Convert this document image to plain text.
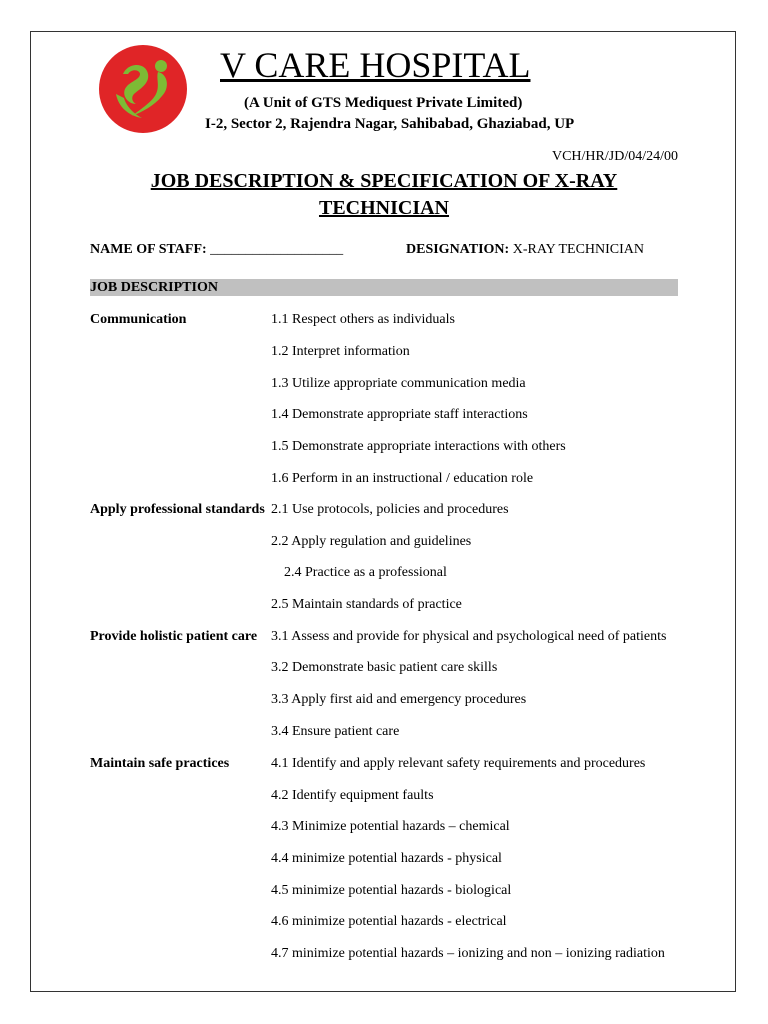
V CARE HOSPITAL
(A Unit of GTS Mediquest Private Limited)
I-2, Sector 2, Rajendra Nagar, Sahibabad, Ghaziabad, UP
VCH/HR/JD/04/24/00
JOB DESCRIPTION & SPECIFICATION OF X-RAY
TECHNICIAN
NAME OF STAFF: ___________________	DESIGNATION: X-RAY TECHNICIAN
JOB DESCRIPTION
Communication
Apply professional standards
Provide holistic patient care
Maintain safe practices
1.1 Respect others as individuals
1.2 Interpret information
1.3 Utilize appropriate communication media
1.4 Demonstrate appropriate staff interactions
1.5 Demonstrate appropriate interactions with others
1.6 Perform in an instructional / education role
2.1 Use protocols, policies and procedures
2.2 Apply regulation and guidelines
2.4 Practice as a professional
2.5 Maintain standards of practice
3.1 Assess and provide for physical and psychological need of patients
3.2 Demonstrate basic patient care skills
3.3 Apply first aid and emergency procedures
3.4 Ensure patient care
4.1 Identify and apply relevant safety requirements and procedures
4.2 Identify equipment faults
4.3 Minimize potential hazards – chemical
4.4 minimize potential hazards - physical
4.5 minimize potential hazards - biological
4.6 minimize potential hazards - electrical
4.7 minimize potential hazards – ionizing and non – ionizing radiation
